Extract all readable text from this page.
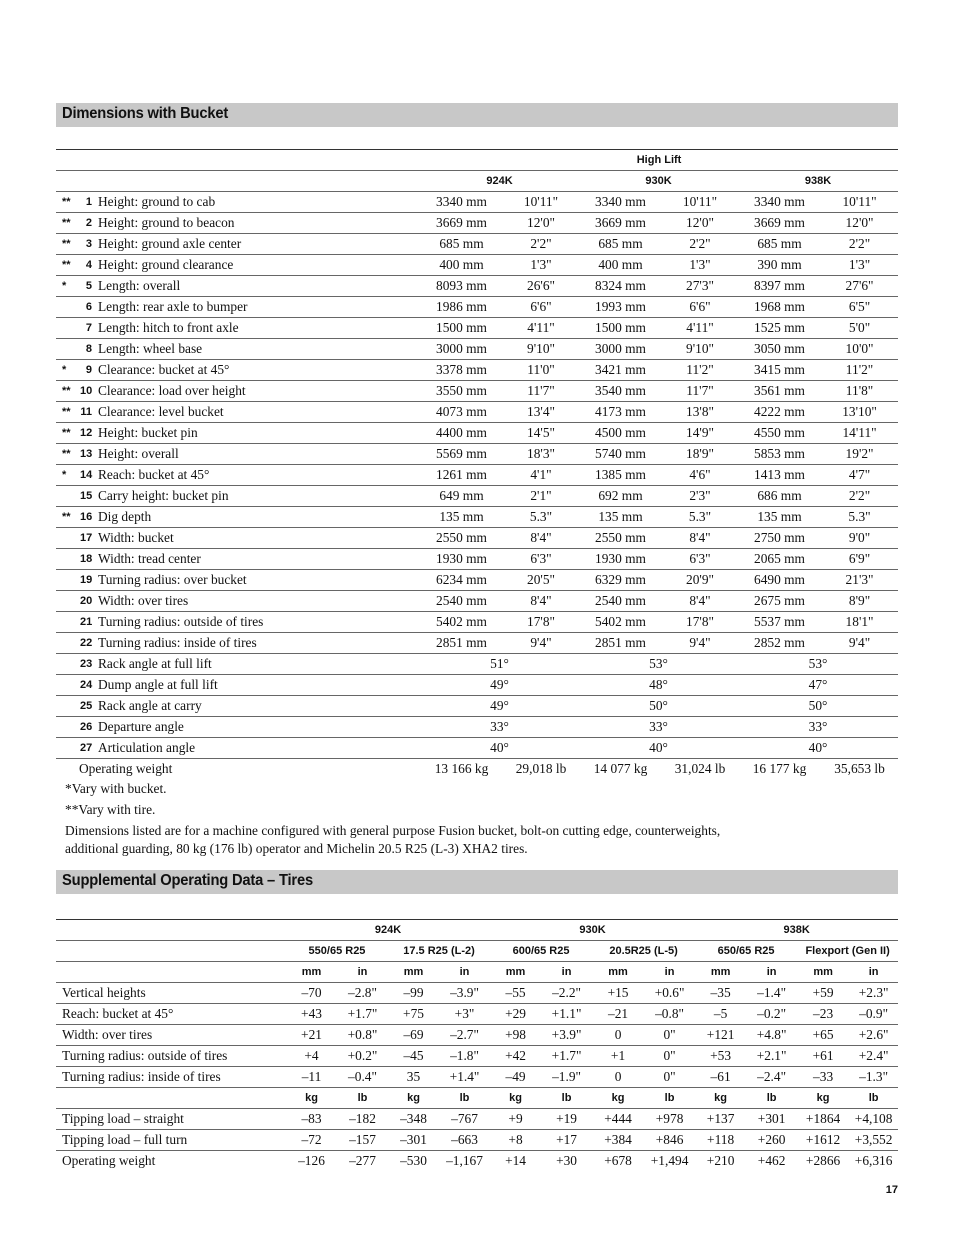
Dimensions with Bucket
			High Lift					
			924K		930K		938K	
**	1	Height: ground to cab	3340 mm	10'11"	3340 mm	10'11"	3340 mm	10'11"
**	2	Height: ground to beacon	3669 mm	12'0"	3669 mm	12'0"	3669 mm	12'0"
**	3	Height: ground axle center	685 mm	2'2"	685 mm	2'2"	685 mm	2'2"
**	4	Height: ground clearance	400 mm	1'3"	400 mm	1'3"	390 mm	1'3"
*	5	Length: overall	8093 mm	26'6"	8324 mm	27'3"	8397 mm	27'6"
	6	Length: rear axle to bumper	1986 mm	6'6"	1993 mm	6'6"	1968 mm	6'5"
	7	Length: hitch to front axle	1500 mm	4'11"	1500 mm	4'11"	1525 mm	5'0"
	8	Length: wheel base	3000 mm	9'10"	3000 mm	9'10"	3050 mm	10'0"
*	9	Clearance: bucket at 45°	3378 mm	11'0"	3421 mm	11'2"	3415 mm	11'2"
**	10	Clearance: load over height	3550 mm	11'7"	3540 mm	11'7"	3561 mm	11'8"
**	11	Clearance: level bucket	4073 mm	13'4"	4173 mm	13'8"	4222 mm	13'10"
**	12	Height: bucket pin	4400 mm	14'5"	4500 mm	14'9"	4550 mm	14'11"
**	13	Height: overall	5569 mm	18'3"	5740 mm	18'9"	5853 mm	19'2"
*	14	Reach: bucket at 45°	1261 mm	4'1"	1385 mm	4'6"	1413 mm	4'7"
	15	Carry height: bucket pin	649 mm	2'1"	692 mm	2'3"	686 mm	2'2"
**	16	Dig depth	135 mm	5.3"	135 mm	5.3"	135 mm	5.3"
	17	Width: bucket	2550 mm	8'4"	2550 mm	8'4"	2750 mm	9'0"
	18	Width: tread center	1930 mm	6'3"	1930 mm	6'3"	2065 mm	6'9"
	19	Turning radius: over bucket	6234 mm	20'5"	6329 mm	20'9"	6490 mm	21'3"
	20	Width: over tires	2540 mm	8'4"	2540 mm	8'4"	2675 mm	8'9"
	21	Turning radius: outside of tires	5402 mm	17'8"	5402 mm	17'8"	5537 mm	18'1"
	22	Turning radius: inside of tires	2851 mm	9'4"	2851 mm	9'4"	2852 mm	9'4"
	23	Rack angle at full lift	51°		53°		53°	
	24	Dump angle at full lift	49°		48°		47°	
	25	Rack angle at carry	49°		50°		50°	
	26	Departure angle	33°		33°		33°	
	27	Articulation angle	40°		40°		40°	
Operating weight			13 166 kg	29,018 lb	14 077 kg	31,024 lb	16 177 kg	35,653 lb
Supplemental Operating Data – Tires
	924K				930K				938K			
	550/65 R25		17.5 R25 (L-2)		600/65 R25		20.5R25 (L-5)		650/65 R25		Flexport (Gen II)	
	mm	in	mm	in	mm	in	mm	in	mm	in	mm	in
Vertical heights	–70	–2.8"	–99	–3.9"	–55	–2.2"	+15	+0.6"	–35	–1.4"	+59	+2.3"
Reach: bucket at 45°	+43	+1.7"	+75	+3"	+29	+1.1"	–21	–0.8"	–5	–0.2"	–23	–0.9"
Width: over tires	+21	+0.8"	–69	–2.7"	+98	+3.9"	0	0"	+121	+4.8"	+65	+2.6"
Turning radius: outside of tires	+4	+0.2"	–45	–1.8"	+42	+1.7"	+1	0"	+53	+2.1"	+61	+2.4"
Turning radius: inside of tires	–11	–0.4"	35	+1.4"	–49	–1.9"	0	0"	–61	–2.4"	–33	–1.3"
	kg	lb	kg	lb	kg	lb	kg	lb	kg	lb	kg	lb
Tipping load – straight	–83	–182	–348	–767	+9	+19	+444	+978	+137	+301	+1864	+4,108
Tipping load – full turn	–72	–157	–301	–663	+8	+17	+384	+846	+118	+260	+1612	+3,552
Operating weight	–126	–277	–530	–1,167	+14	+30	+678	+1,494	+210	+462	+2866	+6,316
17
*Vary with bucket.
**Vary with tire.
Dimensions listed are for a machine configured with general purpose Fusion bucket, bolt-on cutting edge, counterweights,
additional guarding, 80 kg (176 lb) operator and Michelin 20.5 R25 (L-3) XHA2 tires.
